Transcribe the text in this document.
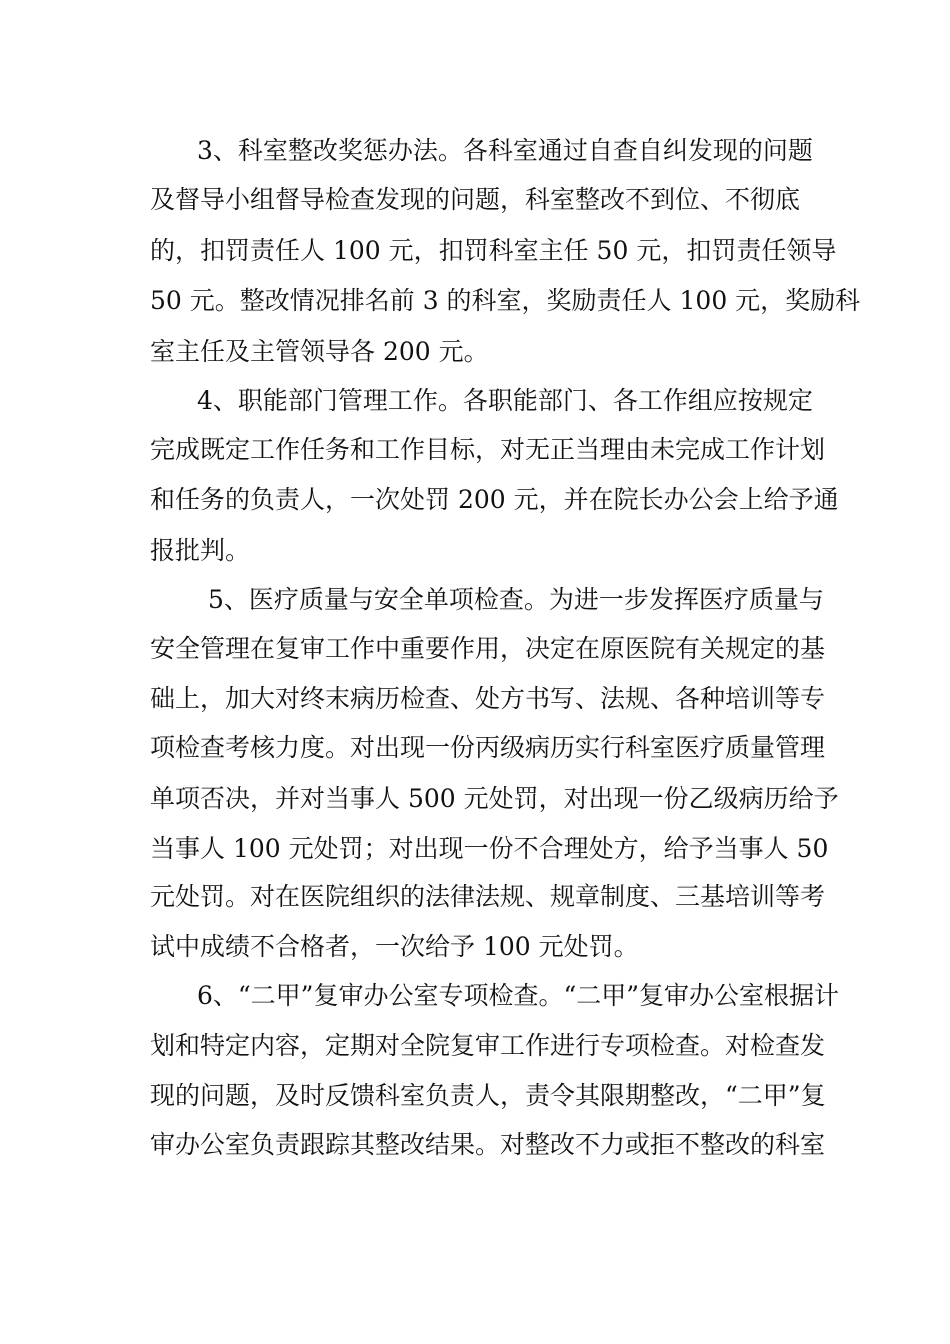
3、科室整改奖惩办法。各科室通过自查自纠发现的问题

及督导小组督导检查发现的问题，科室整改不到位、不彻底

的，扣罚责任人 100 元，扣罚科室主任 50 元，扣罚责任领导

50 元。整改情况排名前 3 的科室，奖励责任人 100 元，奖励科

室主任及主管领导各 200 元。

4、职能部门管理工作。各职能部门、各工作组应按规定

完成既定工作任务和工作目标，对无正当理由未完成工作计划

和任务的负责人，一次处罚 200 元，并在院长办公会上给予通

报批判。

5、医疗质量与安全单项检查。为进一步发挥医疗质量与

安全管理在复审工作中重要作用，决定在原医院有关规定的基

础上，加大对终末病历检查、处方书写、法规、各种培训等专

项检查考核力度。对出现一份丙级病历实行科室医疗质量管理

单项否决，并对当事人 500 元处罚，对出现一份乙级病历给予

当事人 100 元处罚；对出现一份不合理处方，给予当事人 50

元处罚。对在医院组织的法律法规、规章制度、三基培训等考

试中成绩不合格者，一次给予 100 元处罚。

6、“二甲”复审办公室专项检查。“二甲”复审办公室根据计

划和特定内容，定期对全院复审工作进行专项检查。对检查发

现的问题，及时反馈科室负责人，责令其限期整改，“二甲”复

审办公室负责跟踪其整改结果。对整改不力或拒不整改的科室
